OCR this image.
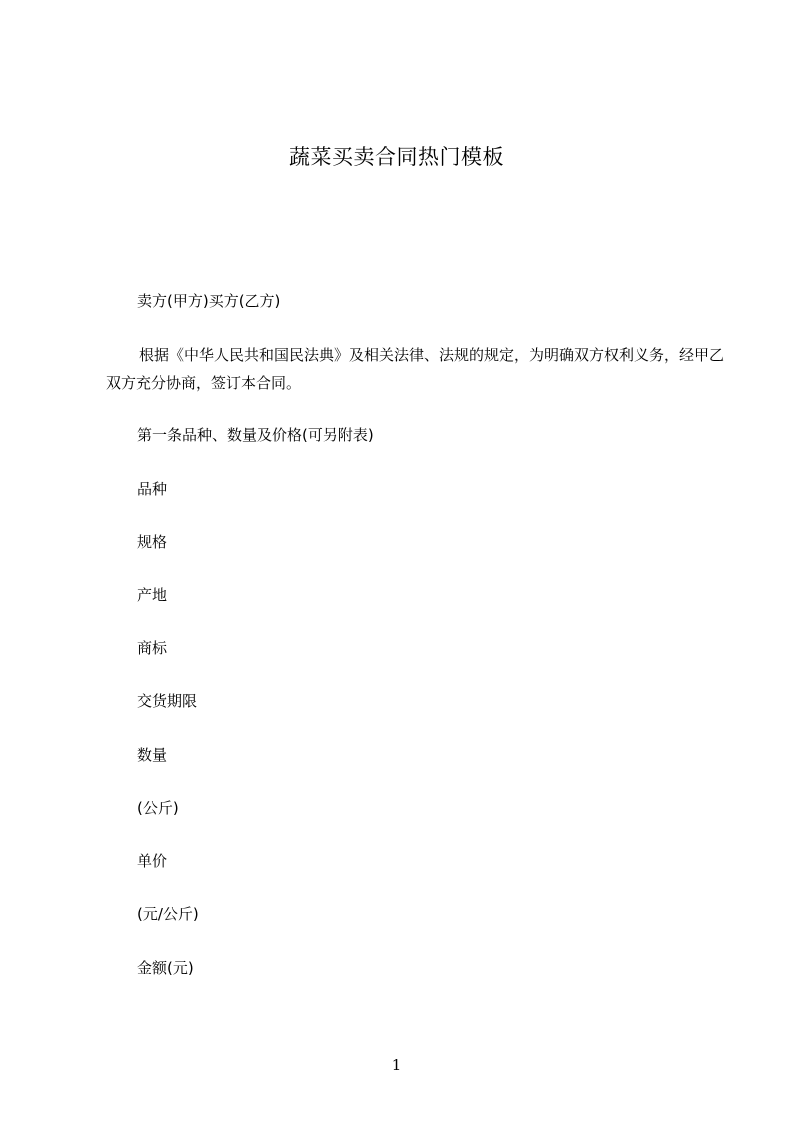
蔬菜买卖合同热门模板
卖方(甲方)买方(乙方)
根据《中华人民共和国民法典》及相关法律、法规的规定，为明确双方权利义务，经甲乙双方充分协商，签订本合同。
第一条品种、数量及价格(可另附表)
品种
规格
产地
商标
交货期限
数量
(公斤)
单价
(元/公斤)
金额(元)
1
